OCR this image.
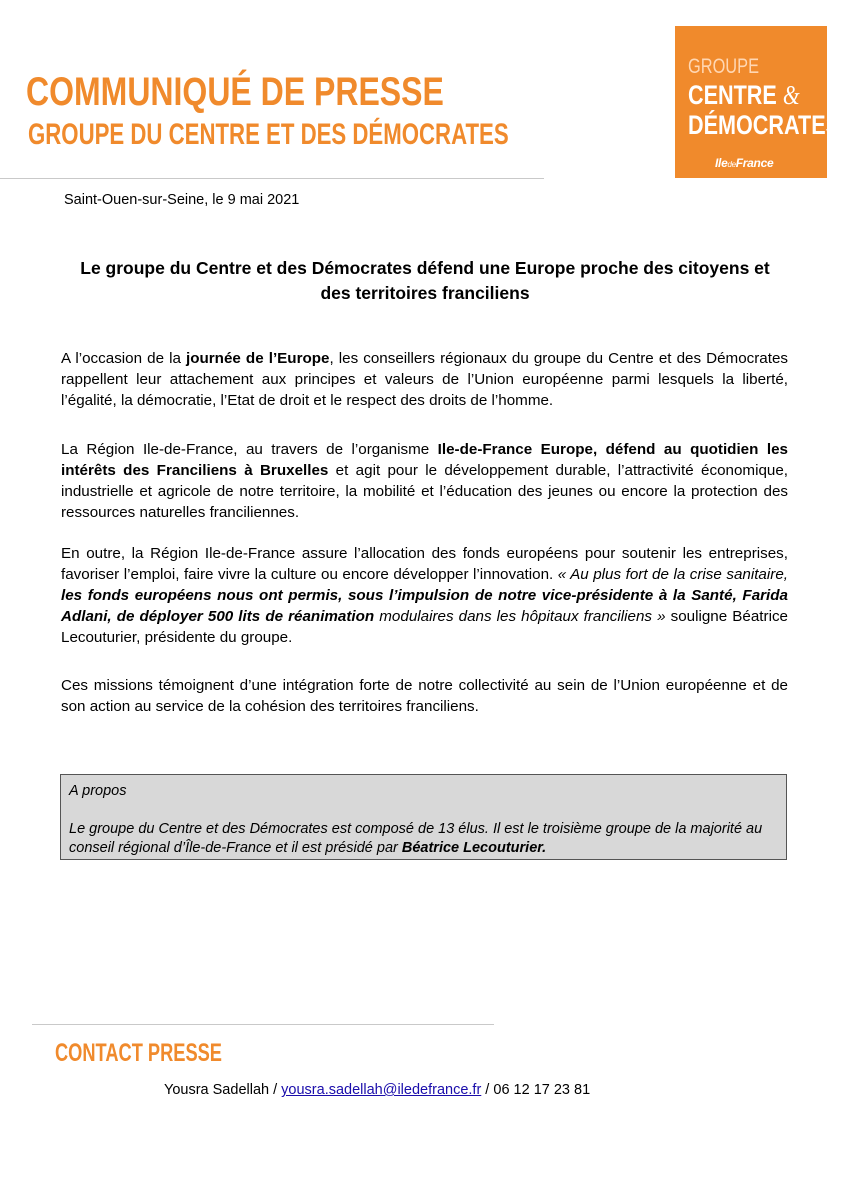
COMMUNIQUÉ DE PRESSE
GROUPE DU CENTRE ET DES DÉMOCRATES
GROUPE
CENTRE &
DÉMOCRATES
IledeFrance

Saint-Ouen-sur-Seine, le 9 mai 2021

Le groupe du Centre et des Démocrates défend une Europe proche des citoyens et des territoires franciliens

A l’occasion de la journée de l’Europe, les conseillers régionaux du groupe du Centre et des Démocrates rappellent leur attachement aux principes et valeurs de l’Union européenne parmi lesquels la liberté, l’égalité, la démocratie, l’Etat de droit et le respect des droits de l’homme.

La Région Ile-de-France, au travers de l’organisme Ile-de-France Europe, défend au quotidien les intérêts des Franciliens à Bruxelles et agit pour le développement durable, l’attractivité économique, industrielle et agricole de notre territoire, la mobilité et l’éducation des jeunes ou encore la protection des ressources naturelles franciliennes.

En outre, la Région Ile-de-France assure l’allocation des fonds européens pour soutenir les entreprises, favoriser l’emploi, faire vivre la culture ou encore développer l’innovation. « Au plus fort de la crise sanitaire, les fonds européens nous ont permis, sous l’impulsion de notre vice-présidente à la Santé, Farida Adlani, de déployer 500 lits de réanimation modulaires dans les hôpitaux franciliens » souligne Béatrice Lecouturier, présidente du groupe.

Ces missions témoignent d’une intégration forte de notre collectivité au sein de l’Union européenne et de son action au service de la cohésion des territoires franciliens.

A propos

Le groupe du Centre et des Démocrates est composé de 13 élus. Il est le troisième groupe de la majorité au conseil régional d’Île-de-France et il est présidé par Béatrice Lecouturier.

CONTACT PRESSE

Yousra Sadellah / yousra.sadellah@iledefrance.fr / 06 12 17 23 81
